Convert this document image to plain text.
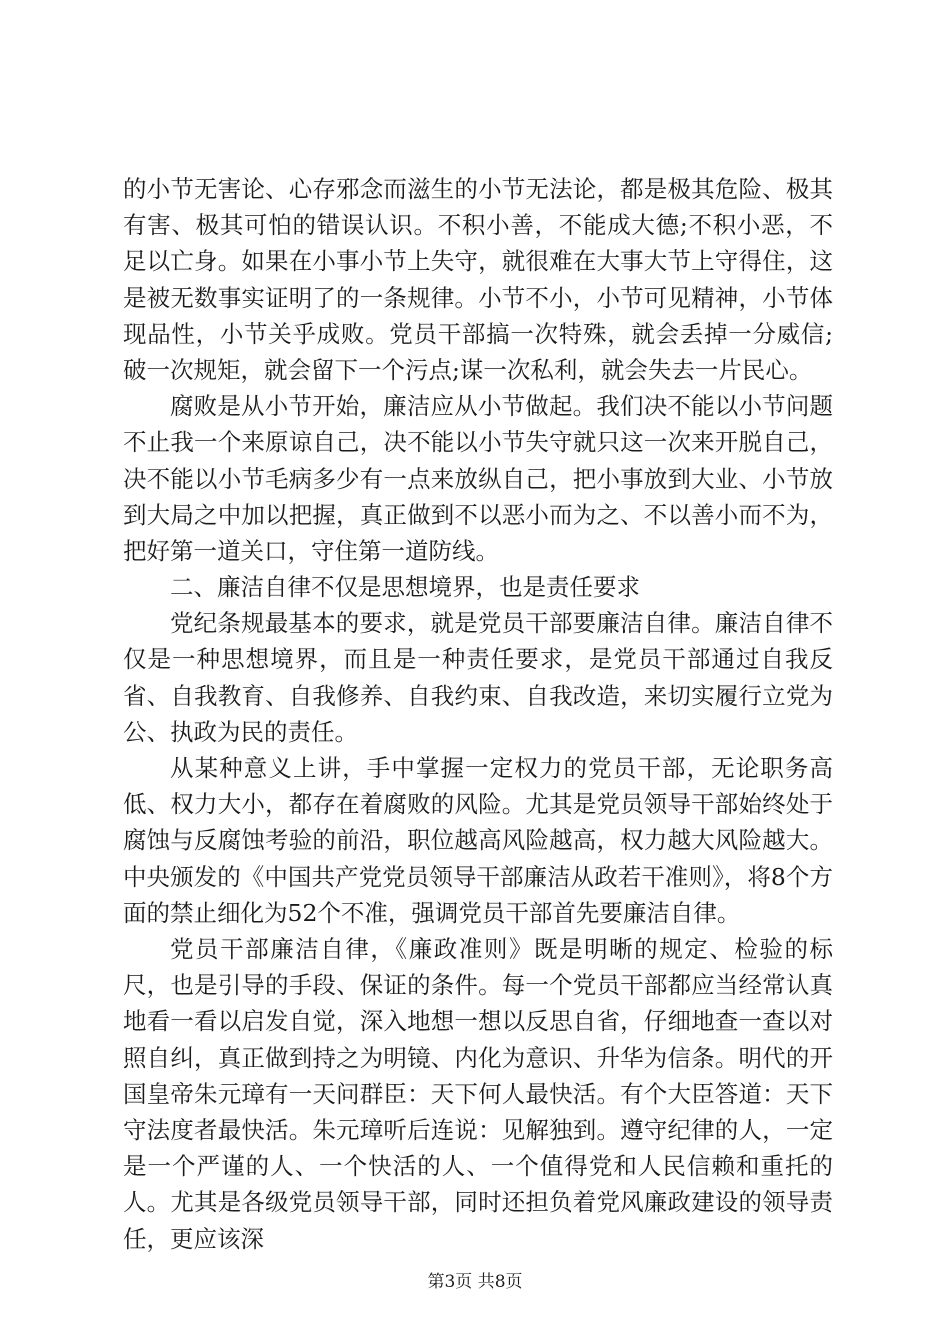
的小节无害论、心存邪念而滋生的小节无法论，都是极其危险、极其有害、极其可怕的错误认识。不积小善，不能成大德;不积小恶，不足以亡身。如果在小事小节上失守，就很难在大事大节上守得住，这是被无数事实证明了的一条规律。小节不小，小节可见精神，小节体现品性，小节关乎成败。党员干部搞一次特殊，就会丢掉一分威信;破一次规矩，就会留下一个污点;谋一次私利，就会失去一片民心。

腐败是从小节开始，廉洁应从小节做起。我们决不能以小节问题不止我一个来原谅自己，决不能以小节失守就只这一次来开脱自己，决不能以小节毛病多少有一点来放纵自己，把小事放到大业、小节放到大局之中加以把握，真正做到不以恶小而为之、不以善小而不为，把好第一道关口，守住第一道防线。

二、廉洁自律不仅是思想境界，也是责任要求

党纪条规最基本的要求，就是党员干部要廉洁自律。廉洁自律不仅是一种思想境界，而且是一种责任要求，是党员干部通过自我反省、自我教育、自我修养、自我约束、自我改造，来切实履行立党为公、执政为民的责任。

从某种意义上讲，手中掌握一定权力的党员干部，无论职务高低、权力大小，都存在着腐败的风险。尤其是党员领导干部始终处于腐蚀与反腐蚀考验的前沿，职位越高风险越高，权力越大风险越大。中央颁发的《中国共产党党员领导干部廉洁从政若干准则》，将8个方面的禁止细化为52个不准，强调党员干部首先要廉洁自律。

党员干部廉洁自律，《廉政准则》既是明晰的规定、检验的标尺，也是引导的手段、保证的条件。每一个党员干部都应当经常认真地看一看以启发自觉，深入地想一想以反思自省，仔细地查一查以对照自纠，真正做到持之为明镜、内化为意识、升华为信条。明代的开国皇帝朱元璋有一天问群臣：天下何人最快活。有个大臣答道：天下守法度者最快活。朱元璋听后连说：见解独到。遵守纪律的人，一定是一个严谨的人、一个快活的人、一个值得党和人民信赖和重托的人。尤其是各级党员领导干部，同时还担负着党风廉政建设的领导责任，更应该深

第3页 共8页
